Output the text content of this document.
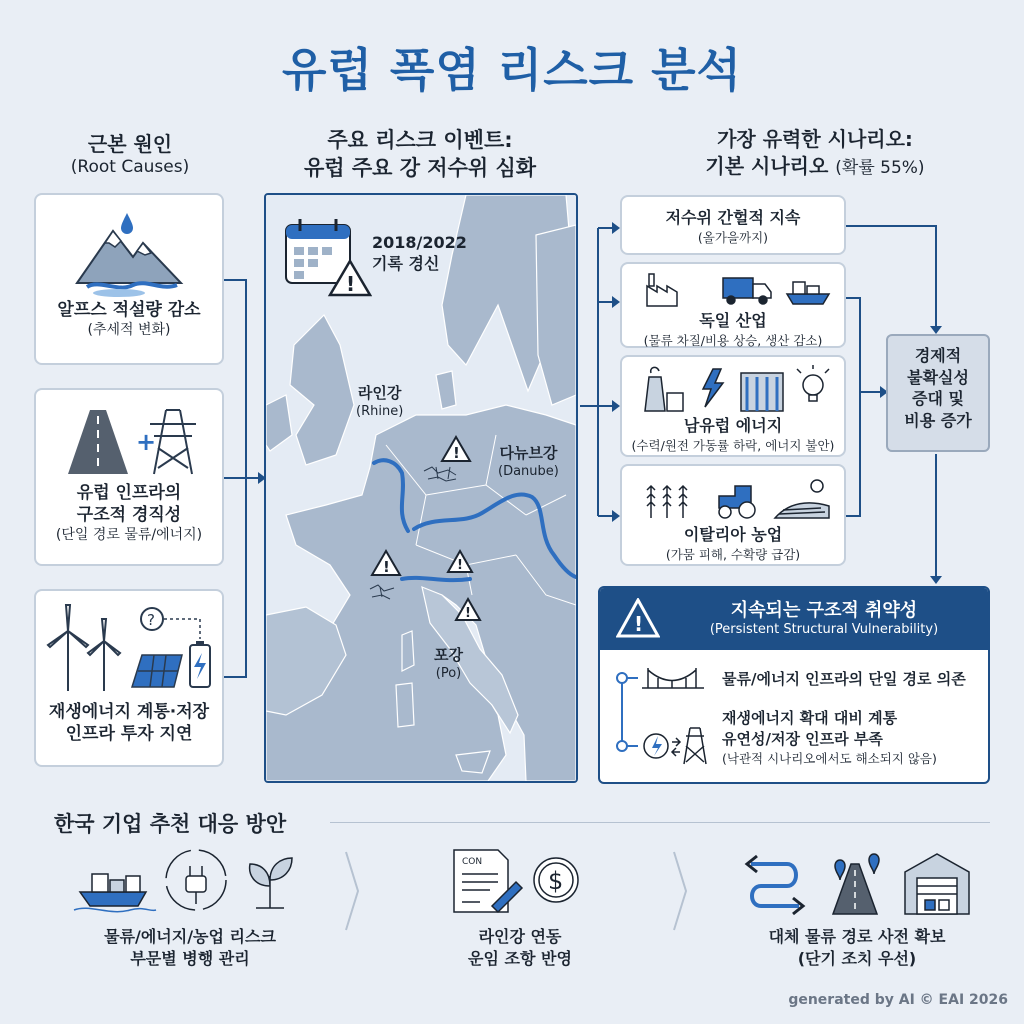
유럽 폭염 리스크 분석
근본 원인
(Root Causes)
주요 리스크 이벤트:
유럽 주요 강 저수위 심화
가장 유력한 시나리오:
기본 시나리오 (확률 55%)
알프스 적설량 감소
(추세적 변화)
+
유럽 인프라의
구조적 경직성
(단일 경로 물류/에너지)
?
재생에너지 계통·저장
인프라 투자 지연
!
!	!
!
!
2018/2022
기록 경신
라인강
(Rhine)
다뉴브강
(Danube)
포강
(Po)
저수위 간헐적 지속
(올가을까지)
독일 산업
(물류 차질/비용 상승, 생산 감소)
남유럽 에너지
(수력/원전 가동률 하락, 에너지 불안)
이탈리아 농업
(가뭄 피해, 수확량 급감)
경제적
불확실성
증대 및
비용 증가
!
지속되는 구조적 취약성
(Persistent Structural Vulnerability)
물류/에너지 인프라의 단일 경로 의존
재생에너지 확대 대비 계통
유연성/저장 인프라 부족
(낙관적 시나리오에서도 해소되지 않음)
한국 기업 추천 대응 방안
물류/에너지/농업 리스크
부문별 병행 관리
CON
$
라인강 연동
운임 조항 반영
대체 물류 경로 사전 확보
(단기 조치 우선)
generated by AI © EAI 2026
